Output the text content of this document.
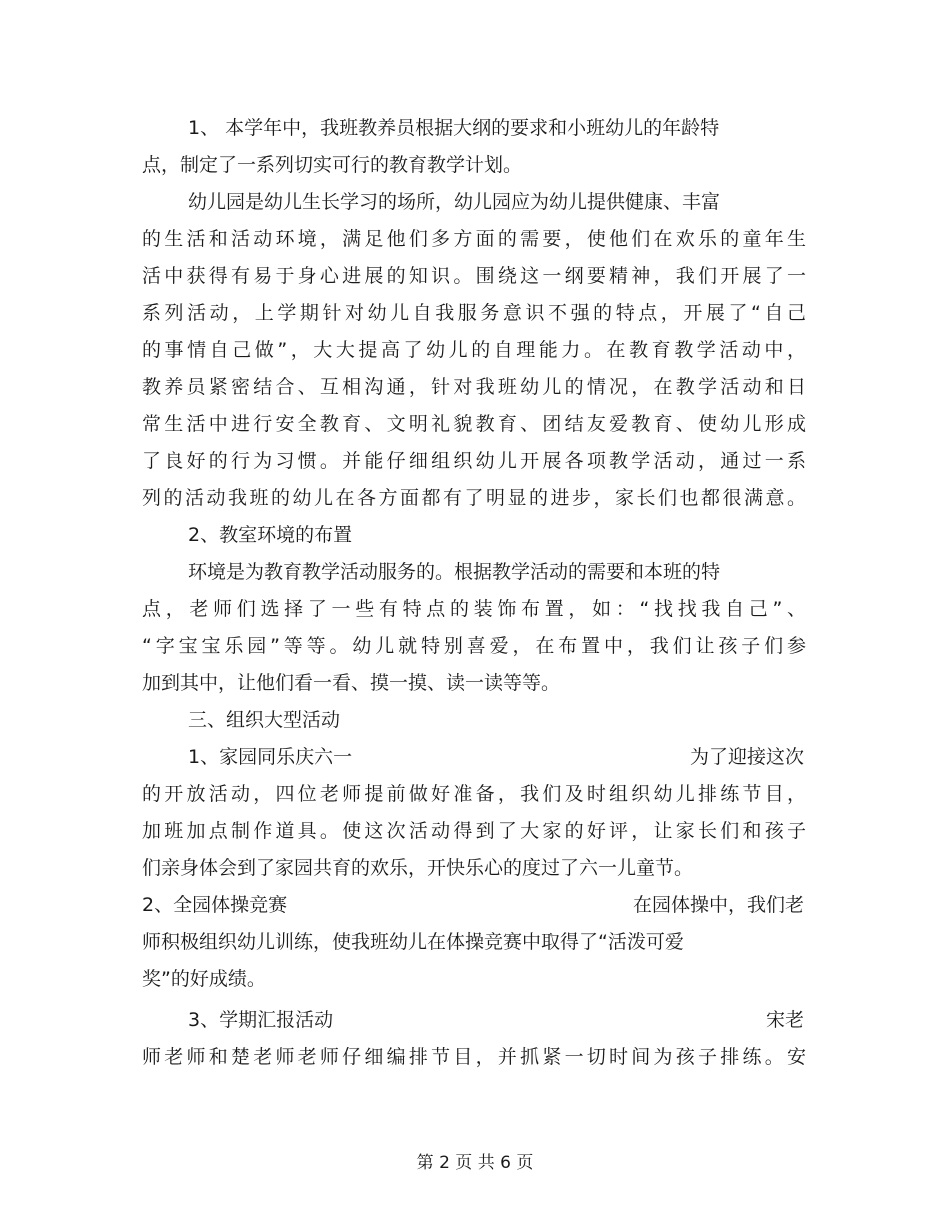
1、 本学年中，我班教养员根据大纲的要求和小班幼儿的年龄特
点，制定了一系列切实可行的教育教学计划。
幼儿园是幼儿生长学习的场所，幼儿园应为幼儿提供健康、丰富
的生活和活动环境，满足他们多方面的需要，使他们在欢乐的童年生
活中获得有易于身心进展的知识。围绕这一纲要精神，我们开展了一
系列活动，上学期针对幼儿自我服务意识不强的特点，开展了“自己
的事情自己做”，大大提高了幼儿的自理能力。在教育教学活动中，
教养员紧密结合、互相沟通，针对我班幼儿的情况，在教学活动和日
常生活中进行安全教育、文明礼貌教育、团结友爱教育、使幼儿形成
了良好的行为习惯。并能仔细组织幼儿开展各项教学活动，通过一系
列的活动我班的幼儿在各方面都有了明显的进步，家长们也都很满意。
2、教室环境的布置
环境是为教育教学活动服务的。根据教学活动的需要和本班的特
点，老师们选择了一些有特点的装饰布置，如：“找找我自己”、
“字宝宝乐园”等等。幼儿就特别喜爱，在布置中，我们让孩子们参
加到其中，让他们看一看、摸一摸、读一读等等。
三、组织大型活动
1、家园同乐庆六一	为了迎接这次
的开放活动，四位老师提前做好准备，我们及时组织幼儿排练节目，
加班加点制作道具。使这次活动得到了大家的好评，让家长们和孩子
们亲身体会到了家园共育的欢乐，开快乐心的度过了六一儿童节。
2、全园体操竞赛	在园体操中，我们老
师积极组织幼儿训练，使我班幼儿在体操竞赛中取得了“活泼可爱
奖”的好成绩。
3、学期汇报活动	宋老
师老师和楚老师老师仔细编排节目，并抓紧一切时间为孩子排练。安
第 2 页 共 6 页
